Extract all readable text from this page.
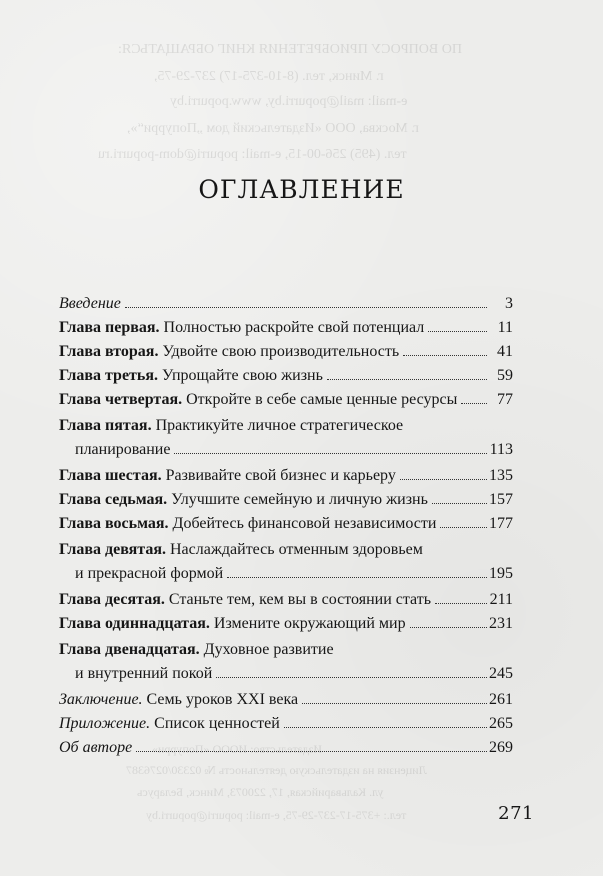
ПО ВОПРОСУ ПРИОБРЕТЕНИЯ КНИГ ОБРАЩАТЬСЯ:
г. Минск, тел. (8-10-375-17) 237-29-75,
e-mail: mail@popurri.by, www.popurri.by
г. Москва, ООО «Издательский дом „Попурри“»,
тел. (495) 256-00-15, e-mail: popurri@dom-popurri.ru
Издательство: ИООО «Попурри»
Лицензия на издательскую деятельность № 02330/0276387
ул. Кальварийская, 17, 220073, Минск, Беларусь
тел.: +375-17-237-29-75, e-mail: popurri@popurri.by
ОГЛАВЛЕНИЕ
Введение	3
Глава первая. Полностью раскройте свой потенциал	11
Глава вторая. Удвойте свою производительность	41
Глава третья. Упрощайте свою жизнь	59
Глава четвертая. Откройте в себе самые ценные ресурсы	77
Глава пятая. Практикуйте личное стратегическое
планирование	113
Глава шестая. Развивайте свой бизнес и карьеру	135
Глава седьмая. Улучшите семейную и личную жизнь	157
Глава восьмая. Добейтесь финансовой независимости	177
Глава девятая. Наслаждайтесь отменным здоровьем
и прекрасной формой	195
Глава десятая. Станьте тем, кем вы в состоянии стать	211
Глава одиннадцатая. Измените окружающий мир	231
Глава двенадцатая. Духовное развитие
и внутренний покой	245
Заключение. Семь уроков XXI века	261
Приложение. Список ценностей	265
Об авторе	269
271
